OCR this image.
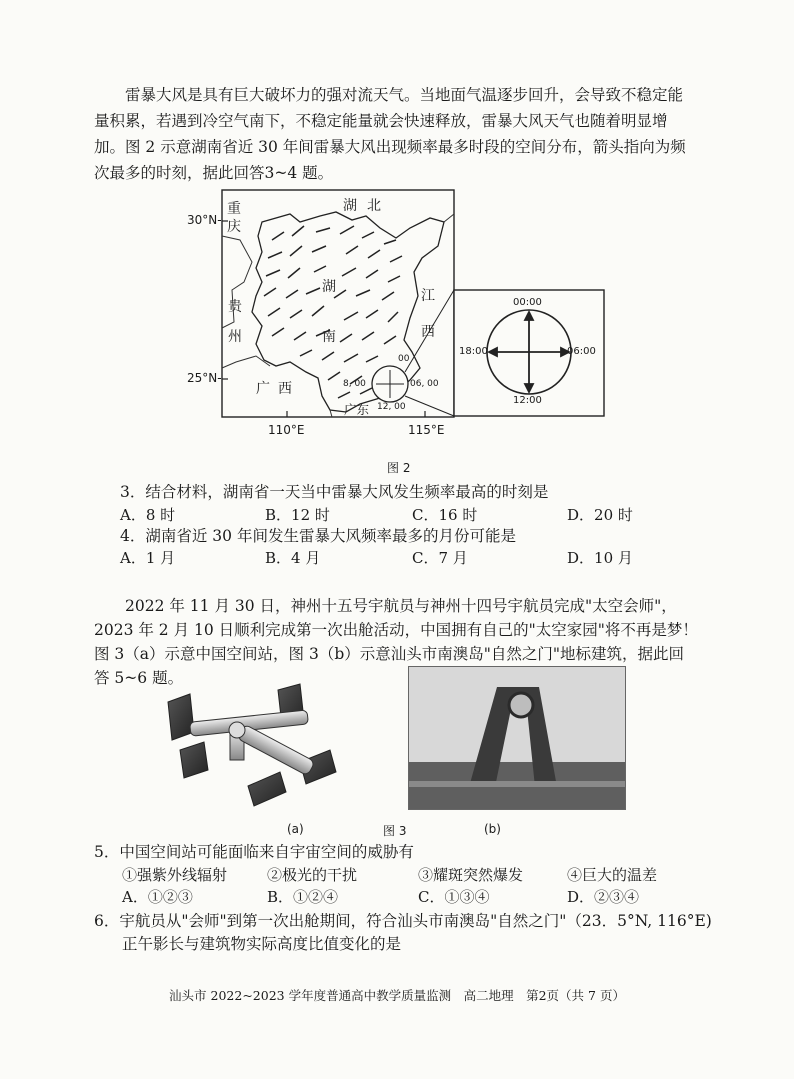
雷暴大风是具有巨大破坏力的强对流天气。当地面气温逐步回升，会导致不稳定能量积累，若遇到冷空气南下，不稳定能量就会快速释放，雷暴大风天气也随着明显增加。图 2 示意湖南省近 30 年间雷暴大风出现频率最多时段的空间分布，箭头指向为频次最多的时刻，据此回答3~4 题。
30°N-
25°N-
110°E	115°E
重庆
湖北
贵州
湖南
江西
广西
广东
00
8, 00	06, 00
12, 00
00:00
06:00
12:00
18:00
图 2
3．结合材料，湖南省一天当中雷暴大风发生频率最高的时刻是
A．8 时	B．12 时	C．16 时	D．20 时
4．湖南省近 30 年间发生雷暴大风频率最多的月份可能是
A．1 月	B．4 月	C．7 月	D．10 月
2022 年 11 月 30 日，神州十五号宇航员与神州十四号宇航员完成"太空会师"，2023 年 2 月 10 日顺利完成第一次出舱活动，中国拥有自己的"太空家园"将不再是梦！图 3（a）示意中国空间站，图 3（b）示意汕头市南澳岛"自然之门"地标建筑，据此回答 5~6 题。
(a)	图 3	(b)
5．中国空间站可能面临来自宇宙空间的威胁有
①强紫外线辐射	②极光的干扰	③耀斑突然爆发	④巨大的温差
A．①②③	B．①②④	C．①③④	D．②③④
6．宇航员从"会师"到第一次出舱期间，符合汕头市南澳岛"自然之门"（23．5°N, 116°E)
正午影长与建筑物实际高度比值变化的是
汕头市 2022~2023 学年度普通高中教学质量监测　高二地理　第2页（共 7 页）
